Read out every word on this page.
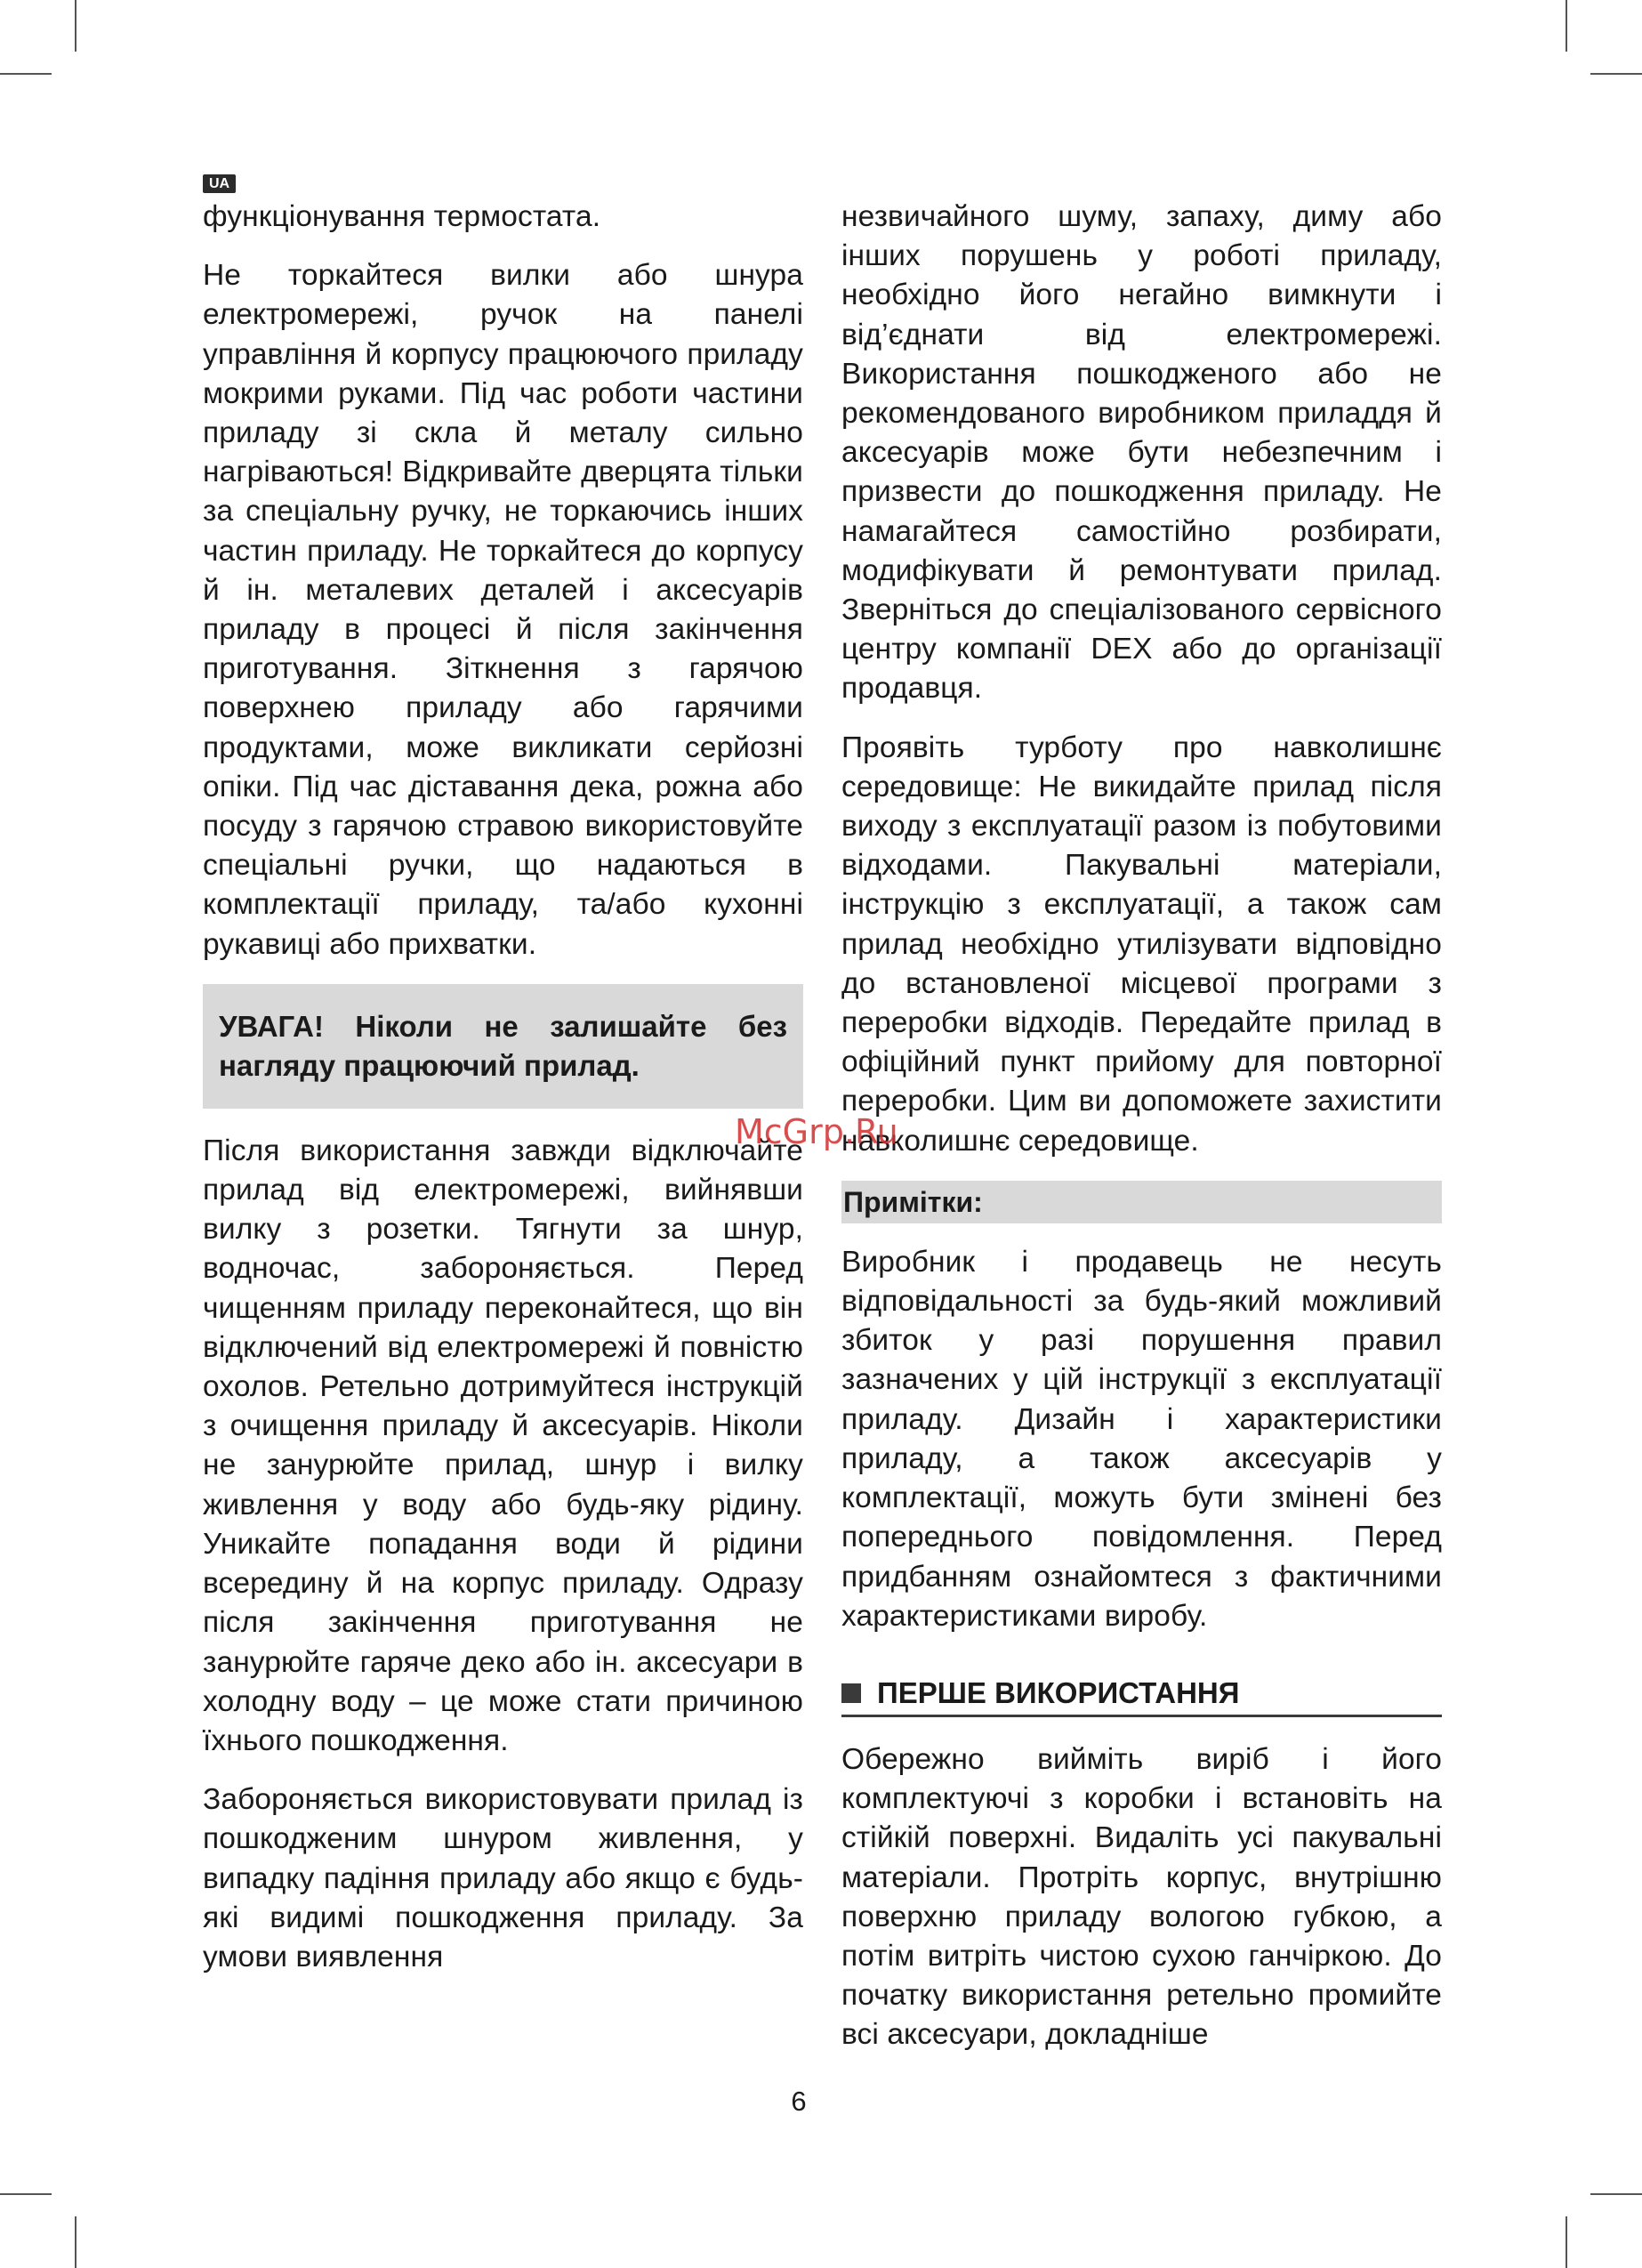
UA

функціонування термостата.

Не торкайтеся вилки або шнура електромережі, ручок на панелі управління й корпусу працюючого приладу мокрими руками. Під час роботи частини приладу зі скла й металу сильно нагріваються! Відкривайте дверцята тільки за спеціальну ручку, не торкаючись інших частин приладу. Не торкайтеся до корпусу й ін. металевих деталей і аксесуарів приладу в процесі й після закінчення приготування. Зіткнення з гарячою поверхнею приладу або гарячими продуктами, може викликати серйозні опіки. Під час діставання дека, рожна або посуду з гарячою стравою використовуйте спеціальні ручки, що надаються в комплектації приладу, та/або кухонні рукавиці або прихватки.

УВАГА! Ніколи не залишайте без нагляду працюючий прилад.

Після використання завжди відключайте прилад від електромережі, вийнявши вилку з розетки. Тягнути за шнур, водночас, забороняється. Перед чищенням приладу переконайтеся, що він відключений від електромережі й повністю охолов. Ретельно дотримуйтеся інструкцій з очищення приладу й аксесуарів. Ніколи не занурюйте прилад, шнур і вилку живлення у воду або будь-яку рідину. Уникайте попадання води й рідини всередину й на корпус приладу. Одразу після закінчення приготування не занурюйте гаряче деко або ін. аксесуари в холодну воду – це може стати причиною їхнього пошкодження.

Забороняється використовувати прилад із пошкодженим шнуром живлення, у випадку падіння приладу або якщо є будь-які видимі пошкодження приладу. За умови виявлення

незвичайного шуму, запаху, диму або інших порушень у роботі приладу, необхідно його негайно вимкнути і від’єднати від електромережі. Використання пошкодженого або не рекомендованого виробником приладдя й аксесуарів може бути небезпечним і призвести до пошкодження приладу. Не намагайтеся самостійно розбирати, модифікувати й ремонтувати прилад. Зверніться до спеціалізованого сервісного центру компанії DEX або до організації продавця.

Проявіть турботу про навколишнє середовище: Не викидайте прилад після виходу з експлуатації разом із побутовими відходами. Пакувальні матеріали, інструкцію з експлуатації, а також сам прилад необхідно утилізувати відповідно до встановленої місцевої програми з переробки відходів. Передайте прилад в офіційний пункт прийому для повторної переробки. Цим ви допоможете захистити навколишнє середовище.

Примітки:

Виробник і продавець не несуть відповідальності за будь-який можливий збиток у разі порушення правил зазначених у цій інструкції з експлуатації приладу. Дизайн і характеристики приладу, а також аксесуарів у комплектації, можуть бути змінені без попереднього повідомлення. Перед придбанням ознайомтеся з фактичними характеристиками виробу.

ПЕРШЕ ВИКОРИСТАННЯ

Обережно вийміть виріб і його комплектуючі з коробки і встановіть на стійкій поверхні. Видаліть усі пакувальні матеріали. Протріть корпус, внутрішню поверхню приладу вологою губкою, а потім витріть чистою сухою ганчіркою. До початку використання ретельно промийте всі аксесуари, докладніше

McGrp.Ru
6
